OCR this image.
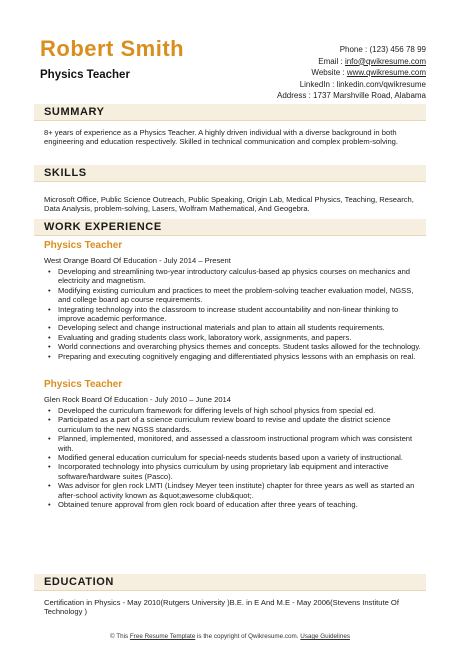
Robert Smith
Physics Teacher
Phone : (123) 456 78 99
Email : info@qwikresume.com
Website : www.qwikresume.com
LinkedIn : linkedin.com/qwikresume
Address : 1737 Marshville Road, Alabama
SUMMARY
8+ years of experience as a Physics Teacher. A highly driven individual with a diverse background in both engineering and education respectively. Skilled in technical communication and complex problem-solving.
SKILLS
Microsoft Office, Public Science Outreach, Public Speaking, Origin Lab, Medical Physics, Teaching, Research, Data Analysis, problem-solving, Lasers, Wolfram Mathematical, And Geogebra.
WORK EXPERIENCE
Physics Teacher
West Orange Board Of Education - July 2014 – Present
• Developing and streamlining two-year introductory calculus-based ap physics courses on mechanics and electricity and magnetism.
• Modifying existing curriculum and practices to meet the problem-solving teacher evaluation model, NGSS, and college board ap course requirements.
• Integrating technology into the classroom to increase student accountability and non-linear thinking to improve academic performance.
• Developing select and change instructional materials and plan to attain all students requirements.
• Evaluating and grading students class work, laboratory work, assignments, and papers.
• World connections and overarching physics themes and concepts. Student tasks allowed for the technology.
• Preparing and executing cognitively engaging and differentiated physics lessons with an emphasis on real.
Physics Teacher
Glen Rock Board Of Education - July 2010 – June 2014
• Developed the curriculum framework for differing levels of high school physics from special ed.
• Participated as a part of a science curriculum review board to revise and update the district science curriculum to the new NGSS standards.
• Planned, implemented, monitored, and assessed a classroom instructional program which was consistent with.
• Modified general education curriculum for special-needs students based upon a variety of instructional.
• Incorporated technology into physics curriculum by using proprietary lab equipment and interactive software/hardware suites (Pasco).
• Was advisor for glen rock LMTI (Lindsey Meyer teen institute) chapter for three years as well as started an after-school activity known as &quot;awesome club&quot;.
• Obtained tenure approval from glen rock board of education after three years of teaching.
EDUCATION
Certification in Physics - May 2010(Rutgers University )B.E. in E And M.E - May 2006(Stevens Institute Of Technology )
© This Free Resume Template is the copyright of Qwikresume.com. Usage Guidelines
